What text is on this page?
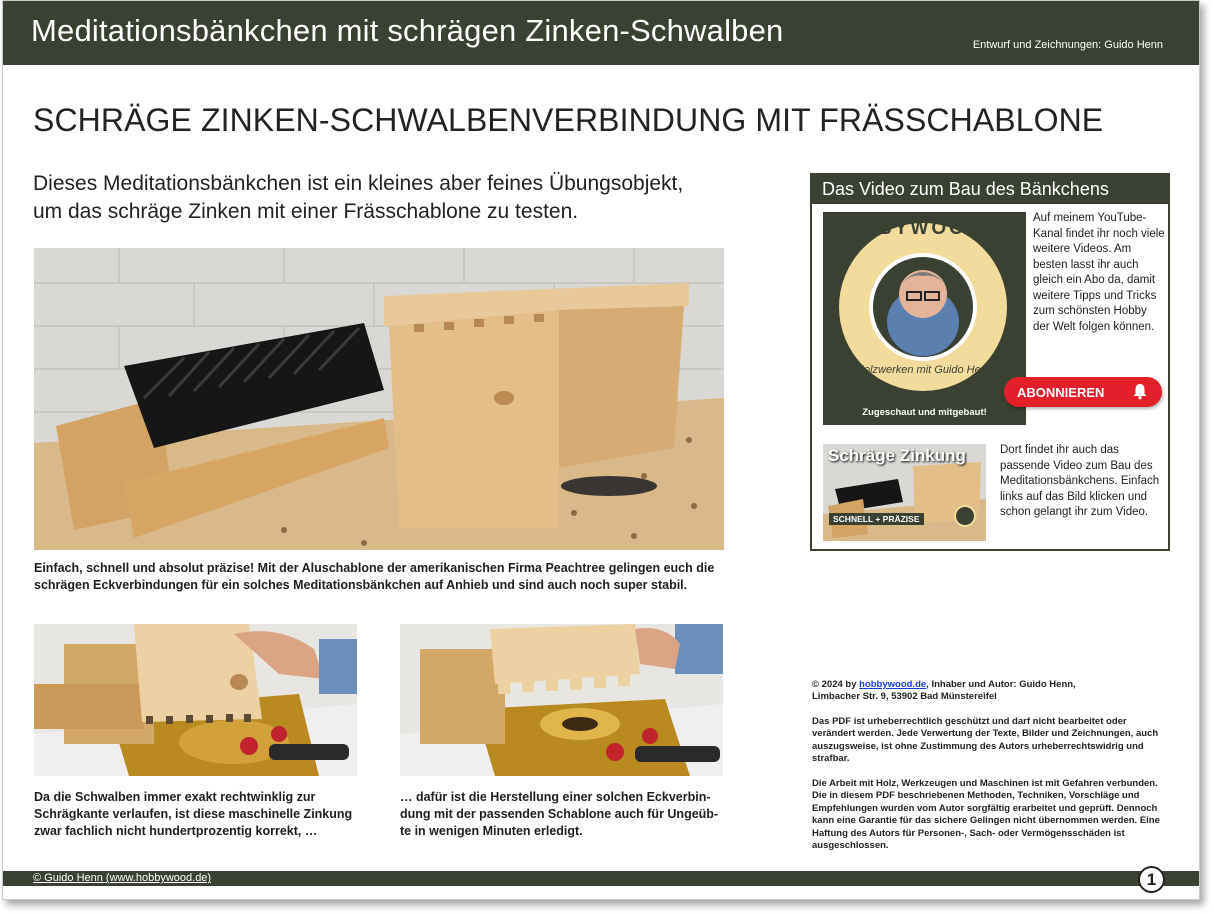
Meditationsbänkchen mit schrägen Zinken-Schwalben	Entwurf und Zeichnungen: Guido Henn
SCHRÄGE ZINKEN-SCHWALBENVERBINDUNG MIT FRÄSSCHABLONE
Dieses Meditationsbänkchen ist ein kleines aber feines Übungsobjekt,
um das schräge Zinken mit einer Frässchablone zu testen.
Einfach, schnell und absolut präzise! Mit der Aluschablone der amerikanischen Firma Peachtree gelingen euch die
schrägen Eckverbindungen für ein solches Meditationsbänkchen auf Anhieb und sind auch noch super stabil.
Da die Schwalben immer exakt rechtwinklig zur
Schrägkante verlaufen, ist diese maschinelle Zinkung
zwar fachlich nicht hundertprozentig korrekt, …
… dafür ist die Herstellung einer solchen Eckverbin-
dung mit der passenden Schablone auch für Ungeüb-
te in wenigen Minuten erledigt.
Das Video zum Bau des Bänkchens
HOBBYWOOD.TV
Holzwerken mit Guido Henn
Zugeschaut und mitgebaut!
Auf meinem YouTube-Kanal findet ihr noch viele weitere Videos. Am besten lasst ihr auch gleich ein Abo da, damit weitere Tipps und Tricks zum schönsten Hobby der Welt folgen können.
ABONNIEREN
Schräge Zinkung
SCHNELL + PRÄZISE
Dort findet ihr auch das passende Video zum Bau des Meditationsbänkchens. Einfach links auf das Bild klicken und schon gelangt ihr zum Video.
© 2024 by hobbywood.de, Inhaber und Autor: Guido Henn,
Limbacher Str. 9, 53902 Bad Münstereifel
Das PDF ist urheberrechtlich geschützt und darf nicht bearbeitet oder verändert werden. Jede Verwertung der Texte, Bilder und Zeichnungen, auch auszugsweise, ist ohne Zustimmung des Autors urheberrechtswidrig und strafbar.
Die Arbeit mit Holz, Werkzeugen und Maschinen ist mit Gefahren verbunden. Die in diesem PDF beschriebenen Methoden, Techniken, Vorschläge und Empfehlungen wurden vom Autor sorgfältig erarbeitet und geprüft. Dennoch kann eine Garantie für das sichere Gelingen nicht übernommen werden. Eine Haftung des Autors für Personen-, Sach- oder Vermögensschäden ist ausgeschlossen.
© Guido Henn (www.hobbywood.de)	1
